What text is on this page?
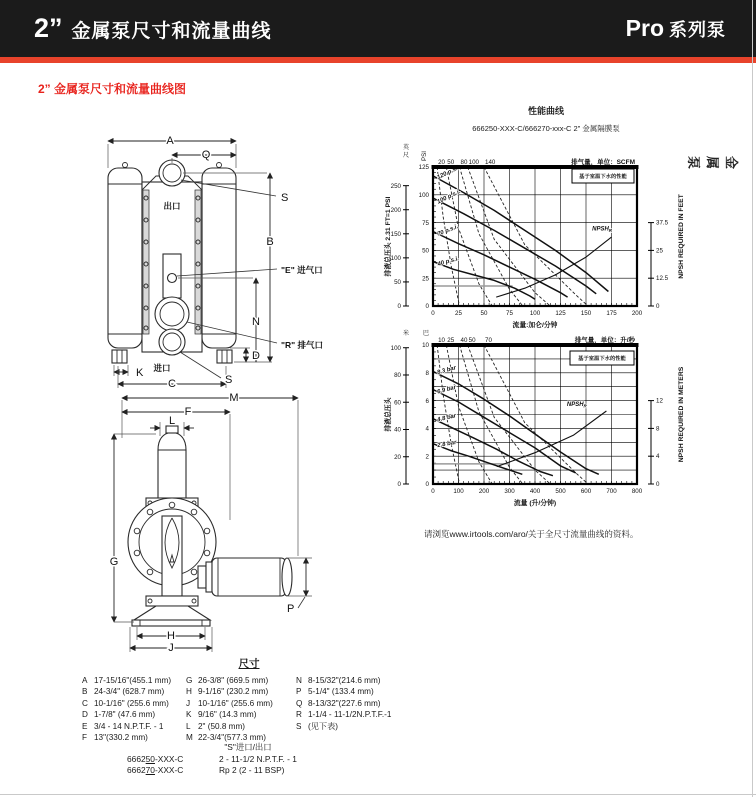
2” 金属泵尺寸和流量曲线	Pro 系列泵
2” 金属泵尺寸和流量曲线图
金属泵
A
Q
S
B
"E" 进气口
N
"R" 排气口
D
K
C	S
出口
进口
M
F
L
G
H
J
P
性能曲线
666250-XXX-C/666270-xxx-C 2” 金属隔膜泵
0	25	50	75	100 125 150 175 200
0
25
50
75
100
125
20 50 80 100 140
120 p.s.i.
100 p.s.i.
70 p.s.i.
40 p.s.i.
$NPSH_R$
排气量，单位：SCFM
0
50
100
150
200
250
英
尺 PSI
0
12.5
25
37.5
基于室温下水的性能
排液总压头 2.31 FT=1 PSI	NPSH REQUIRED IN FEET
流量:加仑/分钟
0	100 200 300 400 500 600 700 800
0
2
4
6
8
10
10 25 40 50 70
8.3 bar
6.9 bar
4.8 bar
2.8 bar
$NPSH_R$
排气量，单位：升/秒
0
20
40
60
80
100
米 巴
0
4
8
12
基于室温下水的性能
排液总压头	NPSH REQUIRED IN METERS
流量 (升/分钟)
请浏览www.irtools.com/aro/关于全尺寸流量曲线的资料。
尺寸
A 17-15/16"(455.1 mm)
B 24-3/4" (628.7 mm)
C 10-1/16" (255.6 mm)
D 1-7/8" (47.6 mm)
E 3/4 - 14 N.P.T.F. - 1
F 13"(330.2 mm)
G 26-3/8" (669.5 mm)
H 9-1/16" (230.2 mm)
J 10-1/16" (255.6 mm)
K 9/16" (14.3 mm)
L 2" (50.8 mm)
M 22-3/4"(577.3 mm)
N 8-15/32"(214.6 mm)
P 5-1/4" (133.4 mm)
Q 8-13/32"(227.6 mm)
R 1-1/4 - 11-1/2N.P.T.F.-1
S (见下表)
"S"进口/出口
666250-XXX-C	2 - 11-1/2 N.P.T.F. - 1
666270-XXX-C	Rp 2 (2 - 11 BSP)
